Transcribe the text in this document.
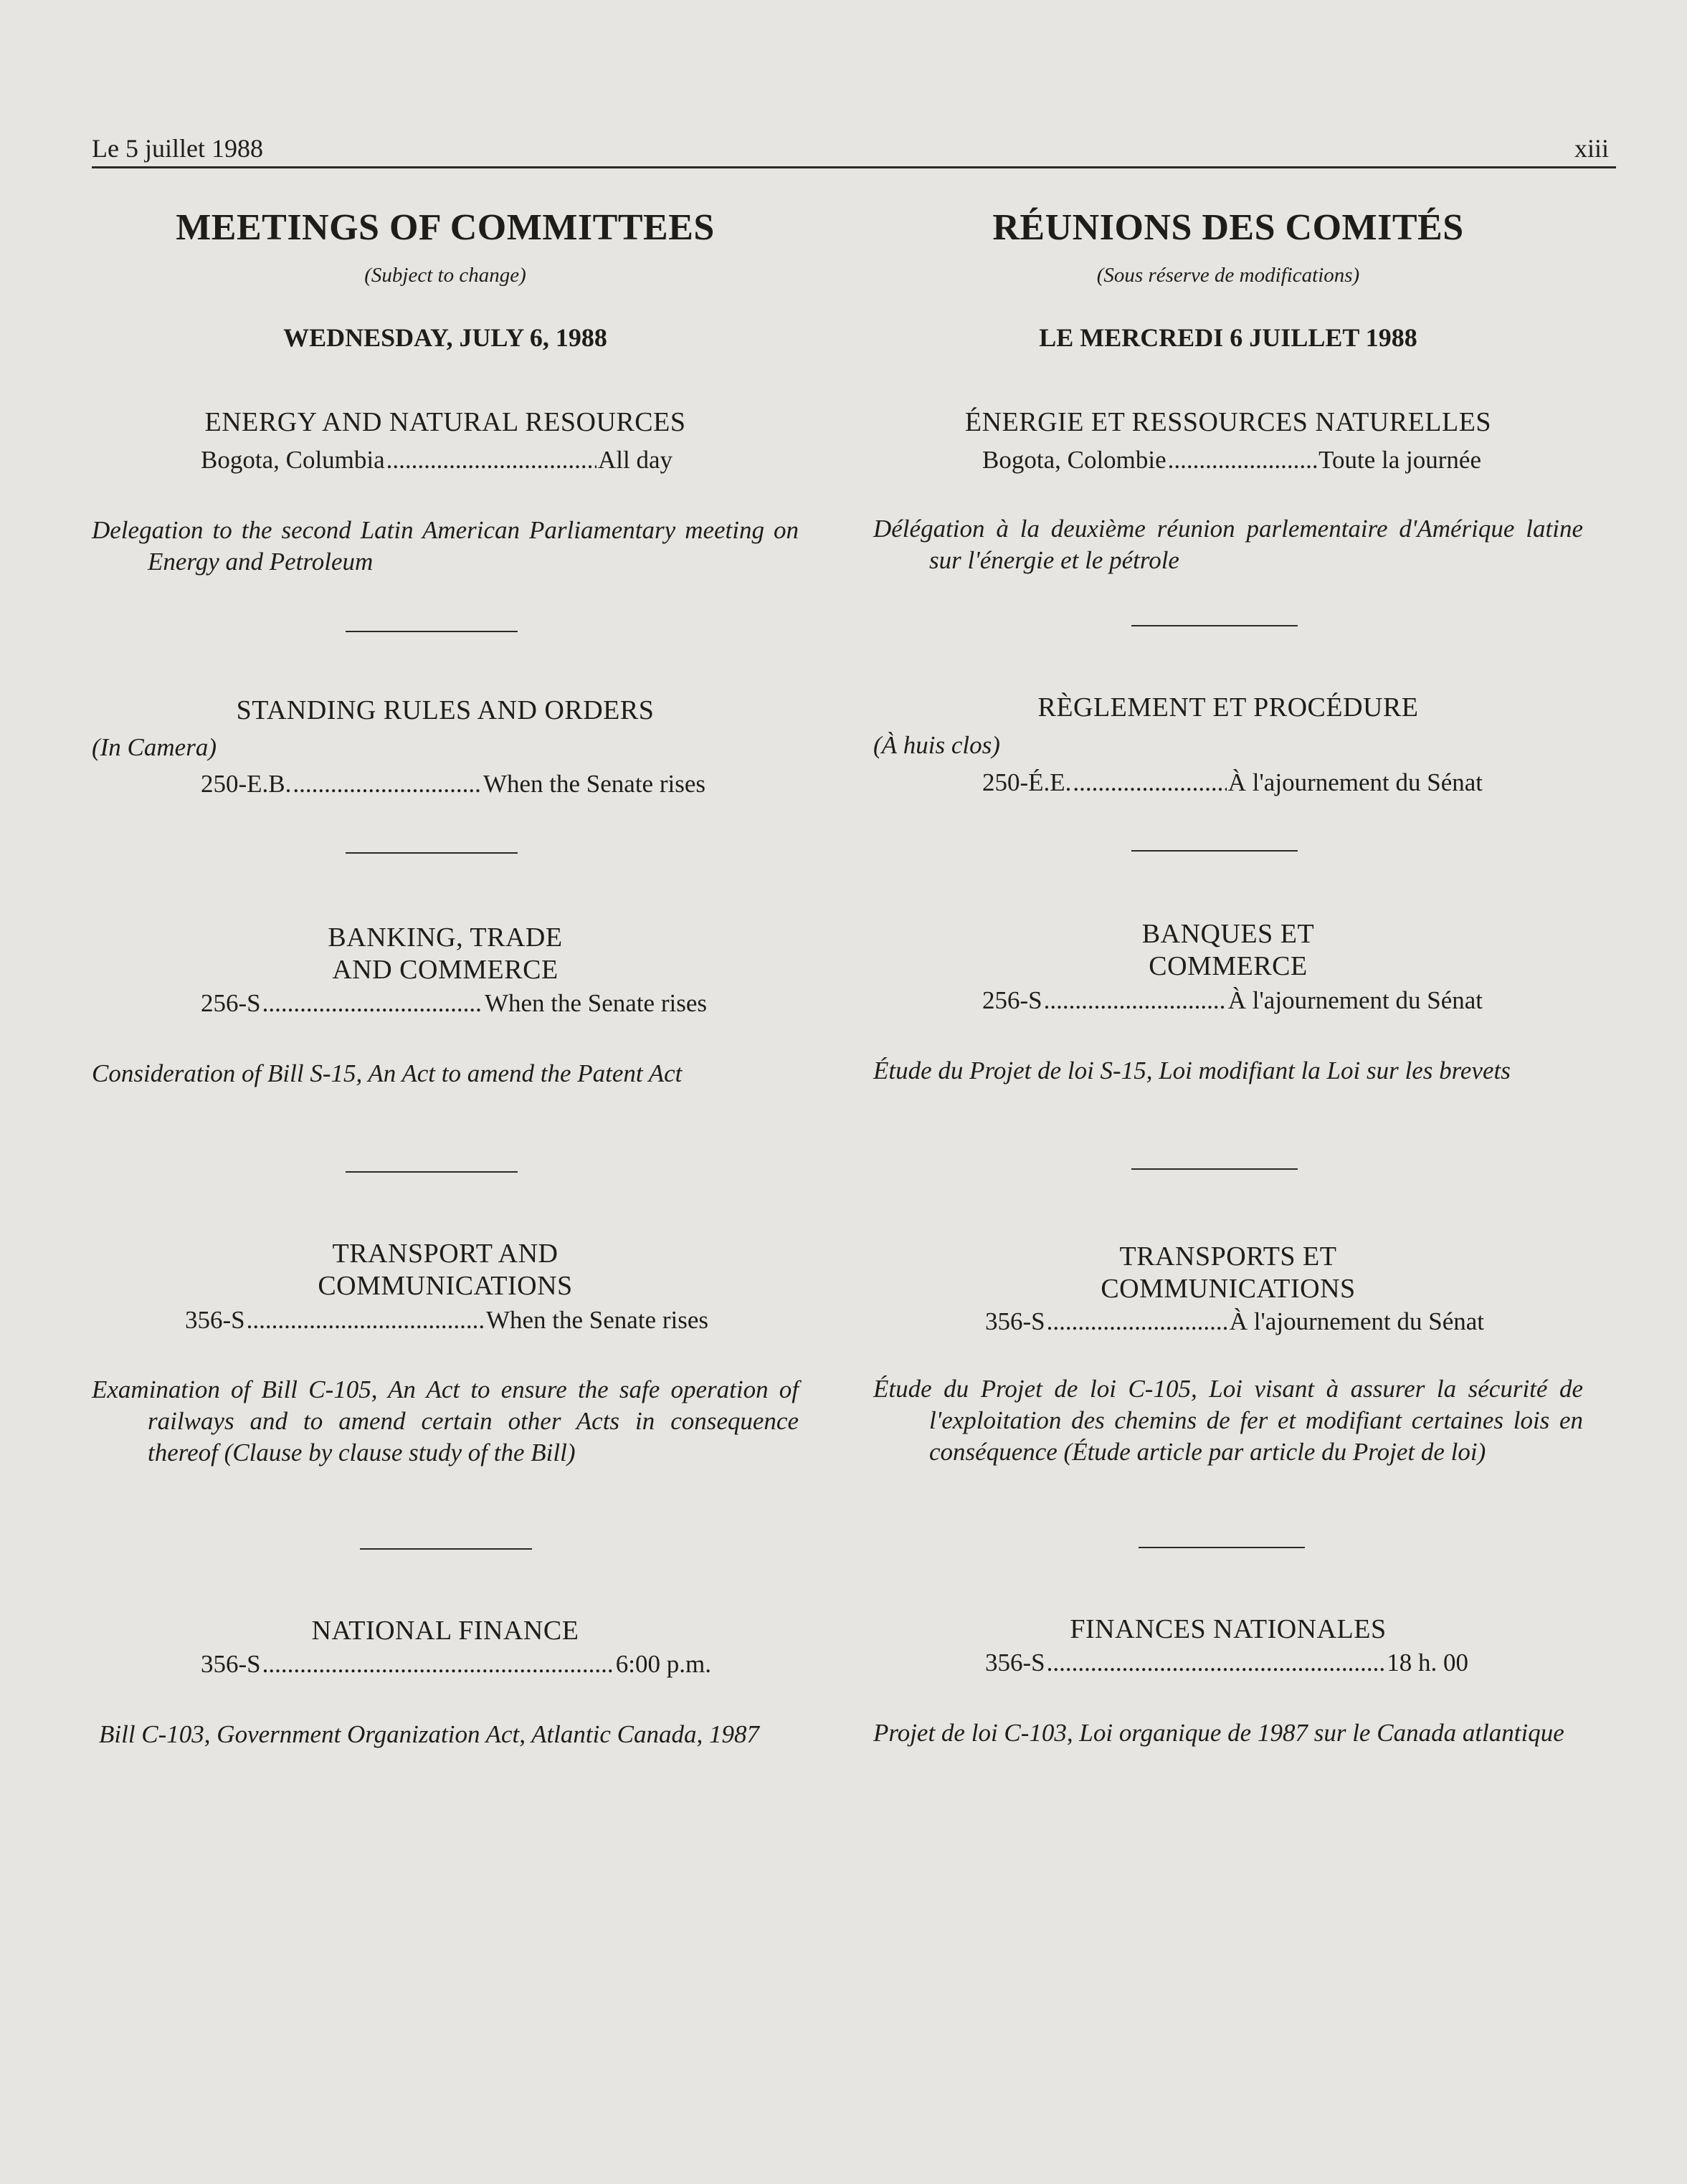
Le 5 juillet 1988	xiii
MEETINGS OF COMMITTEES
(Subject to change)
WEDNESDAY, JULY 6, 1988
ENERGY AND NATURAL RESOURCES
Bogota, Columbia .....	All day
Delegation to the second Latin American Parliamentary meeting on Energy and Petroleum
STANDING RULES AND ORDERS
(In Camera)
250-E.B. .....	When the Senate rises
BANKING, TRADE
AND COMMERCE
256-S .....	When the Senate rises
Consideration of Bill S-15, An Act to amend the Patent Act
TRANSPORT AND
COMMUNICATIONS
356-S .....	When the Senate rises
Examination of Bill C-105, An Act to ensure the safe operation of railways and to amend certain other Acts in consequence thereof (Clause by clause study of the Bill)
NATIONAL FINANCE
356-S .....	6:00 p.m.
Bill C-103, Government Organization Act, Atlantic Canada, 1987
RÉUNIONS DES COMITÉS
(Sous réserve de modifications)
LE MERCREDI 6 JUILLET 1988
ÉNERGIE ET RESSOURCES NATURELLES
Bogota, Colombie .....	Toute la journée
Délégation à la deuxième réunion parlementaire d'Amérique latine sur l'énergie et le pétrole
RÈGLEMENT ET PROCÉDURE
(À huis clos)
250-É.E. .....	À l'ajournement du Sénat
BANQUES ET
COMMERCE
256-S .....	À l'ajournement du Sénat
Étude du Projet de loi S-15, Loi modifiant la Loi sur les brevets
TRANSPORTS ET
COMMUNICATIONS
356-S .....	À l'ajournement du Sénat
Étude du Projet de loi C-105, Loi visant à assurer la sécurité de l'exploitation des chemins de fer et modifiant certaines lois en conséquence (Étude article par article du Projet de loi)
FINANCES NATIONALES
356-S .....	18 h. 00
Projet de loi C-103, Loi organique de 1987 sur le Canada atlantique
